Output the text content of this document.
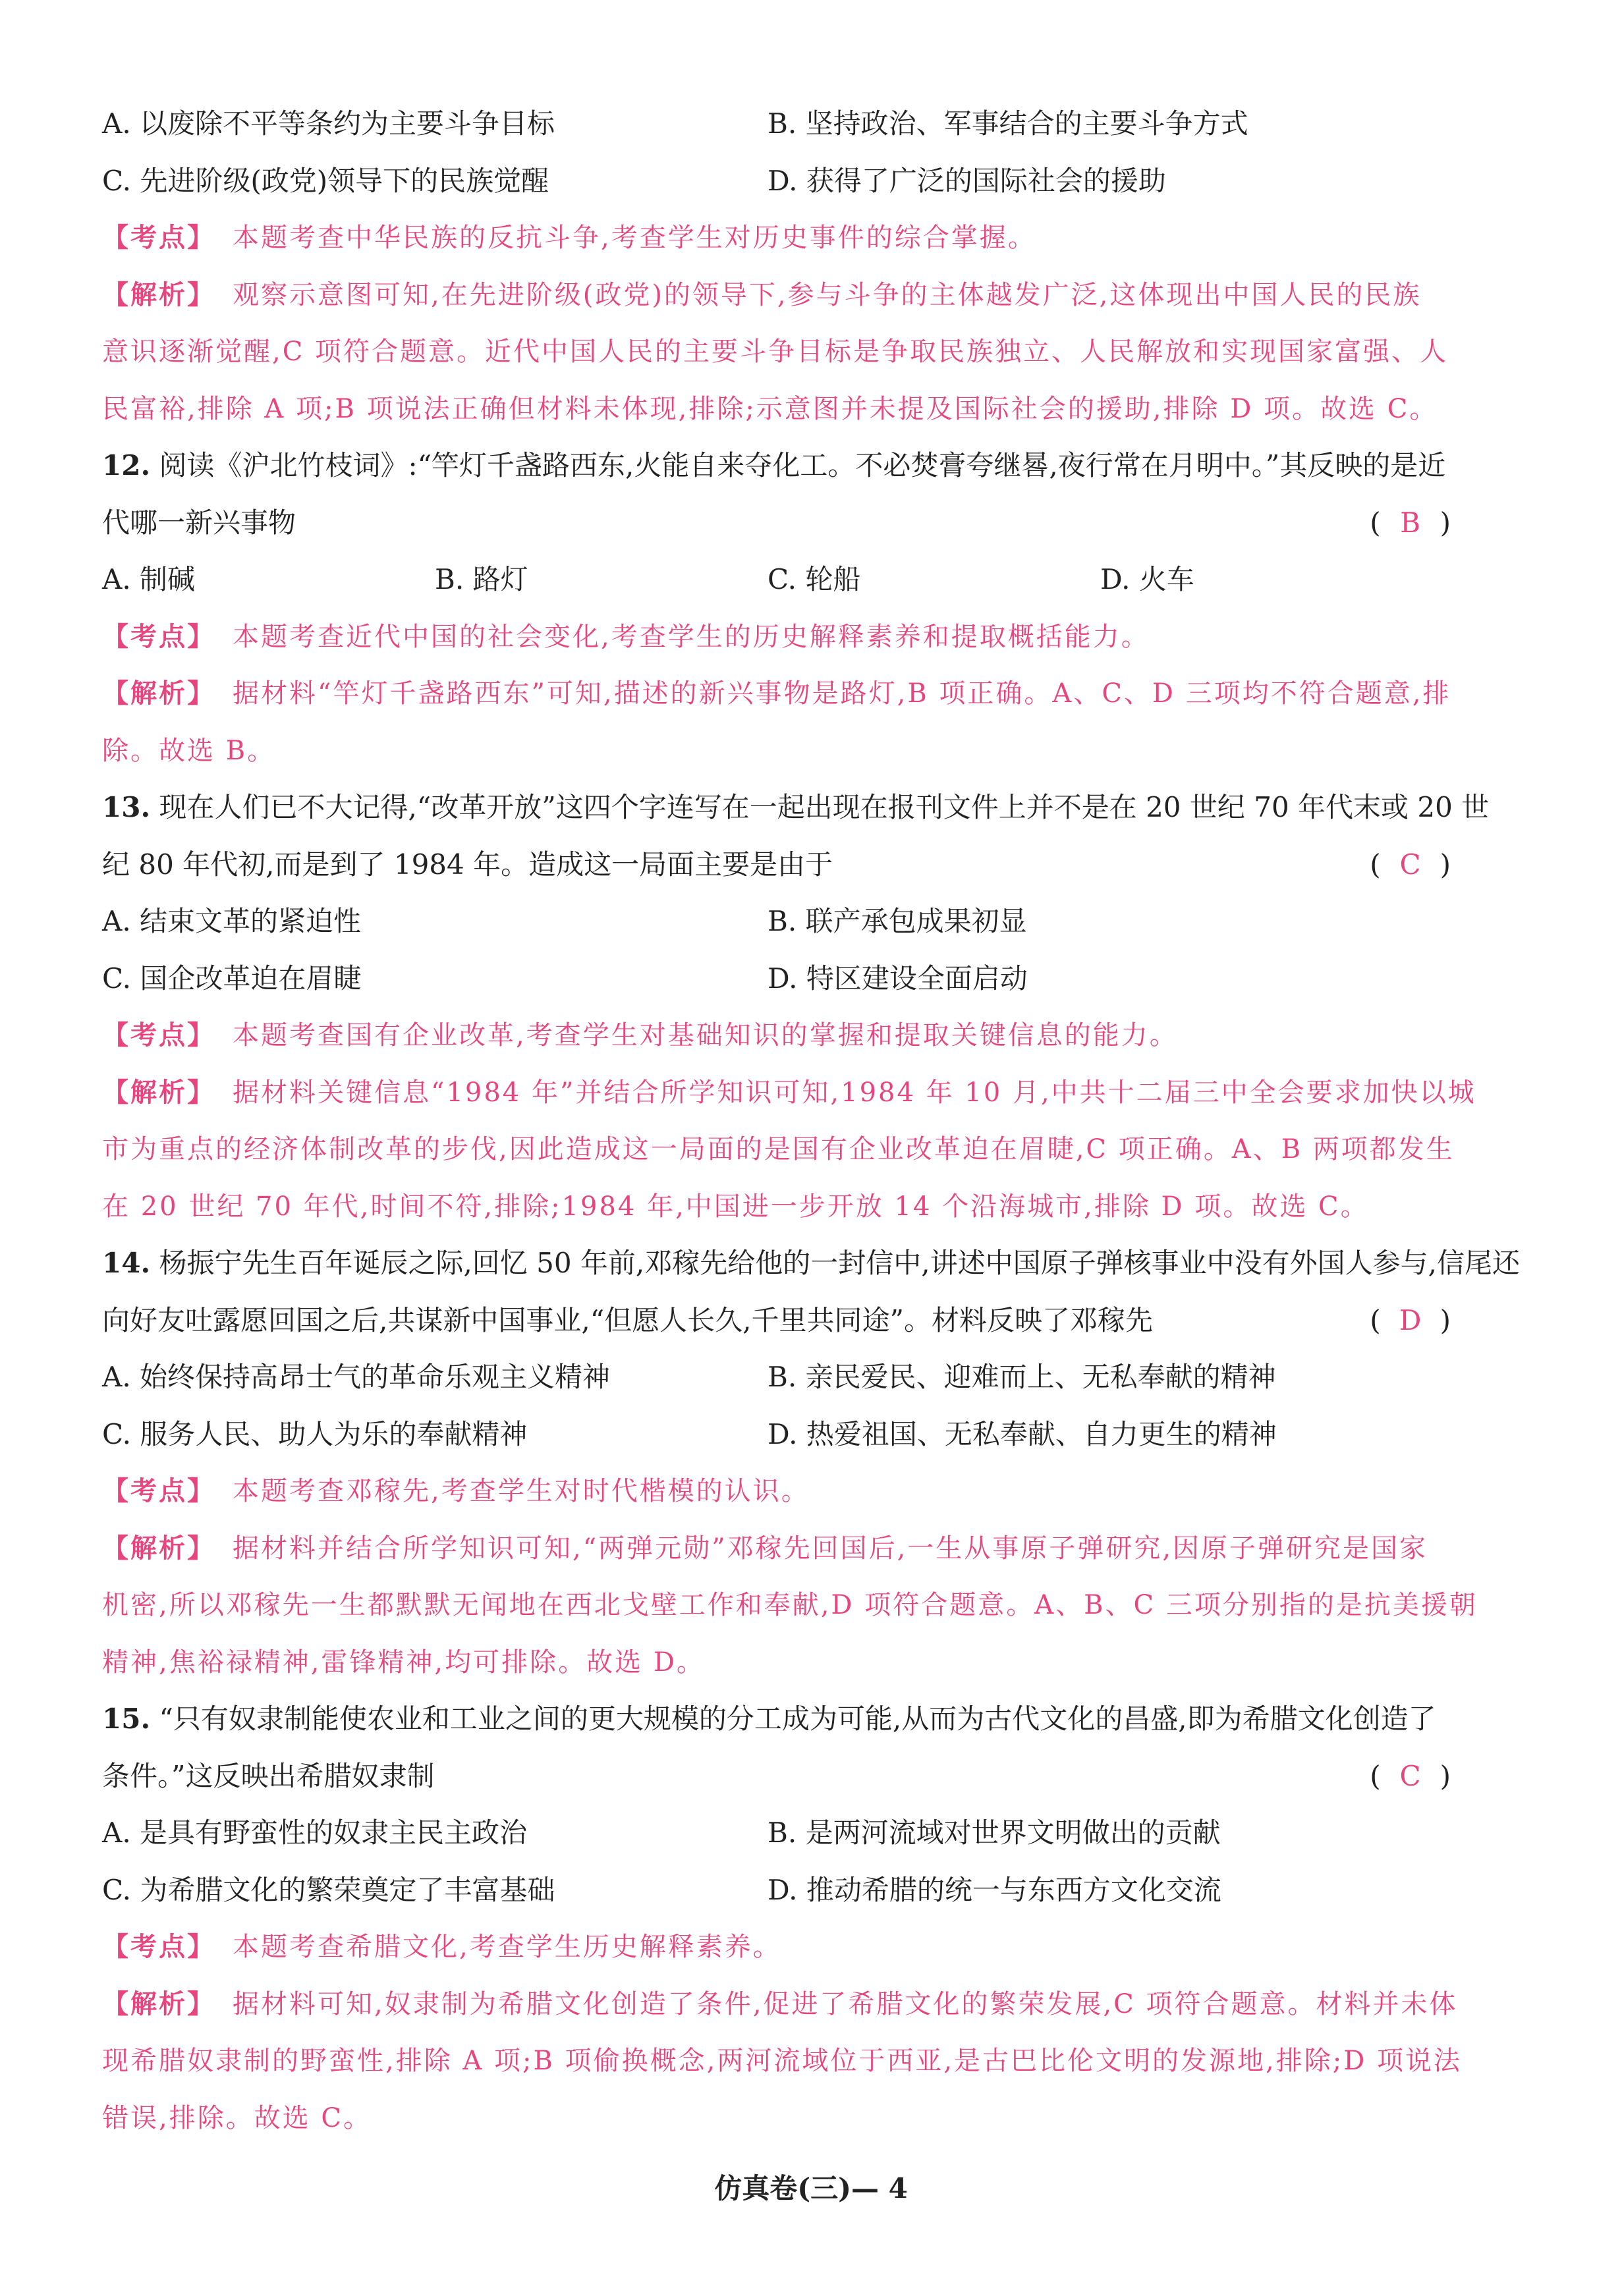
A. 以废除不平等条约为主要斗争目标	B. 坚持政治、军事结合的主要斗争方式
C. 先进阶级(政党)领导下的民族觉醒	D. 获得了广泛的国际社会的援助
【考点】 本题考查中华民族的反抗斗争,考查学生对历史事件的综合掌握。
【解析】 观察示意图可知,在先进阶级(政党)的领导下,参与斗争的主体越发广泛,这体现出中国人民的民族
意识逐渐觉醒,C 项符合题意。近代中国人民的主要斗争目标是争取民族独立、人民解放和实现国家富强、人
民富裕,排除 A 项;B 项说法正确但材料未体现,排除;示意图并未提及国际社会的援助,排除 D 项。故选 C。
12. 阅读《沪北竹枝词》:“竿灯千盏路西东,火能自来夺化工。不必焚膏夸继晷,夜行常在月明中。”其反映的是近
代哪一新兴事物	( B )
A. 制碱	B. 路灯	C. 轮船	D. 火车
【考点】 本题考查近代中国的社会变化,考查学生的历史解释素养和提取概括能力。
【解析】 据材料“竿灯千盏路西东”可知,描述的新兴事物是路灯,B 项正确。A、C、D 三项均不符合题意,排
除。故选 B。
13. 现在人们已不大记得,“改革开放”这四个字连写在一起出现在报刊文件上并不是在 20 世纪 70 年代末或 20 世
纪 80 年代初,而是到了 1984 年。造成这一局面主要是由于	( C )
A. 结束文革的紧迫性	B. 联产承包成果初显
C. 国企改革迫在眉睫	D. 特区建设全面启动
【考点】 本题考查国有企业改革,考查学生对基础知识的掌握和提取关键信息的能力。
【解析】 据材料关键信息“1984 年”并结合所学知识可知,1984 年 10 月,中共十二届三中全会要求加快以城
市为重点的经济体制改革的步伐,因此造成这一局面的是国有企业改革迫在眉睫,C 项正确。A、B 两项都发生
在 20 世纪 70 年代,时间不符,排除;1984 年,中国进一步开放 14 个沿海城市,排除 D 项。故选 C。
14. 杨振宁先生百年诞辰之际,回忆 50 年前,邓稼先给他的一封信中,讲述中国原子弹核事业中没有外国人参与,信尾还
向好友吐露愿回国之后,共谋新中国事业,“但愿人长久,千里共同途”。材料反映了邓稼先	( D )
A. 始终保持高昂士气的革命乐观主义精神	B. 亲民爱民、迎难而上、无私奉献的精神
C. 服务人民、助人为乐的奉献精神	D. 热爱祖国、无私奉献、自力更生的精神
【考点】 本题考查邓稼先,考查学生对时代楷模的认识。
【解析】 据材料并结合所学知识可知,“两弹元勋”邓稼先回国后,一生从事原子弹研究,因原子弹研究是国家
机密,所以邓稼先一生都默默无闻地在西北戈壁工作和奉献,D 项符合题意。A、B、C 三项分别指的是抗美援朝
精神,焦裕禄精神,雷锋精神,均可排除。故选 D。
15. “只有奴隶制能使农业和工业之间的更大规模的分工成为可能,从而为古代文化的昌盛,即为希腊文化创造了
条件。”这反映出希腊奴隶制	( C )
A. 是具有野蛮性的奴隶主民主政治	B. 是两河流域对世界文明做出的贡献
C. 为希腊文化的繁荣奠定了丰富基础	D. 推动希腊的统一与东西方文化交流
【考点】 本题考查希腊文化,考查学生历史解释素养。
【解析】 据材料可知,奴隶制为希腊文化创造了条件,促进了希腊文化的繁荣发展,C 项符合题意。材料并未体
现希腊奴隶制的野蛮性,排除 A 项;B 项偷换概念,两河流域位于西亚,是古巴比伦文明的发源地,排除;D 项说法
错误,排除。故选 C。
仿真卷(三)— 4
